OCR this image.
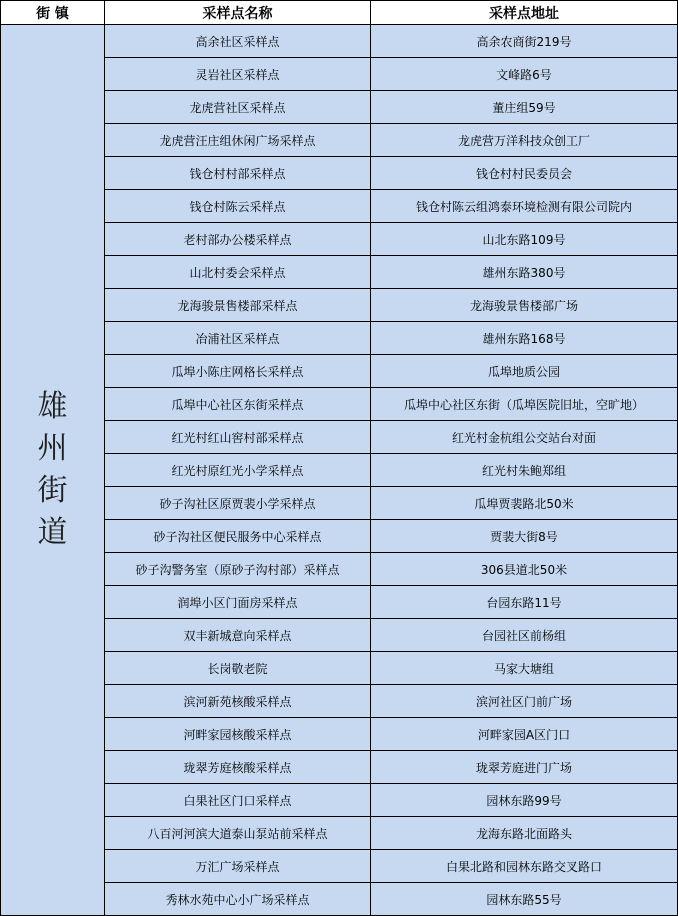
街 镇	采样点名称	采样点地址
雄州街道	高余社区采样点	高余农商街219号
	灵岩社区采样点	文峰路6号
	龙虎营社区采样点	董庄组59号
	龙虎营汪庄组休闲广场采样点	龙虎营万洋科技众创工厂
	钱仓村村部采样点	钱仓村村民委员会
	钱仓村陈云采样点	钱仓村陈云组鸿泰环境检测有限公司院内
	老村部办公楼采样点	山北东路109号
	山北村委会采样点	雄州东路380号
	龙海骏景售楼部采样点	龙海骏景售楼部广场
	冶浦社区采样点	雄州东路168号
	瓜埠小陈庄网格长采样点	瓜埠地质公园
	瓜埠中心社区东街采样点	瓜埠中心社区东街（瓜埠医院旧址，空旷地）
	红光村红山窖村部采样点	红光村金杭组公交站台对面
	红光村原红光小学采样点	红光村朱鲍郑组
	砂子沟社区原贾裴小学采样点	瓜埠贾裴路北50米
	砂子沟社区便民服务中心采样点	贾裴大街8号
	砂子沟警务室（原砂子沟村部）采样点	306县道北50米
	润埠小区门面房采样点	台园东路11号
	双丰新城意向采样点	台园社区前杨组
	长岗敬老院	马家大塘组
	滨河新苑核酸采样点	滨河社区门前广场
	河畔家园核酸采样点	河畔家园A区门口
	珑翠芳庭核酸采样点	珑翠芳庭进门广场
	白果社区门口采样点	园林东路99号
	八百河河滨大道泰山泵站前采样点	龙海东路北面路头
	万汇广场采样点	白果北路和园林东路交叉路口
	秀林水苑中心小广场采样点	园林东路55号
